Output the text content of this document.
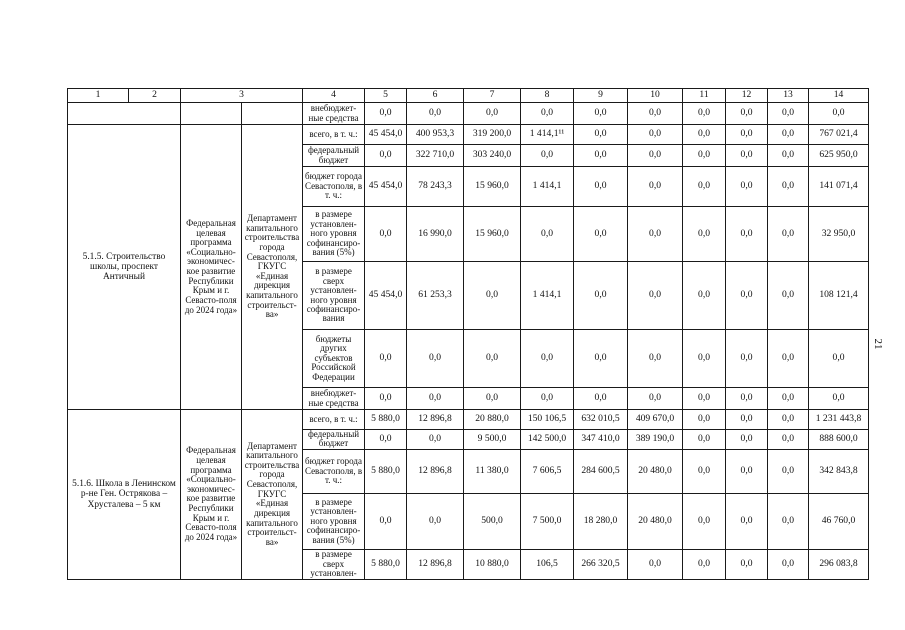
1	2	3		4	5	6	7	8	9	10	11	12	13	14
				внебюджет-ные средства	0,0	0,0	0,0	0,0	0,0	0,0	0,0	0,0	0,0	0,0
5.1.5. Строительство школы, проспект Античный		Федеральная целевая программа «Социально-экономичес-кое развитие Республики Крым и г. Севасто-поля до 2024 года»	Департамент капитального строительства города Севастополя, ГКУГС «Единая дирекция капитального строительст-ва»	всего, в т. ч.:	45 454,0	400 953,3	319 200,0	1 414,1¹¹	0,0	0,0	0,0	0,0	0,0	767 021,4
				федеральный бюджет	0,0	322 710,0	303 240,0	0,0	0,0	0,0	0,0	0,0	0,0	625 950,0
				бюджет города Севастополя, в т. ч.:	45 454,0	78 243,3	15 960,0	1 414,1	0,0	0,0	0,0	0,0	0,0	141 071,4
				в размере установлен-ного уровня софинансиро-вания (5%)	0,0	16 990,0	15 960,0	0,0	0,0	0,0	0,0	0,0	0,0	32 950,0
				в размере сверх установлен-ного уровня софинансиро-вания	45 454,0	61 253,3	0,0	1 414,1	0,0	0,0	0,0	0,0	0,0	108 121,4
				бюджеты других субъектов Российской Федерации	0,0	0,0	0,0	0,0	0,0	0,0	0,0	0,0	0,0	0,0
				внебюджет-ные средства	0,0	0,0	0,0	0,0	0,0	0,0	0,0	0,0	0,0	0,0
5.1.6. Школа в Ленинском р-не Ген. Острякова – Хрусталева – 5 км		Федеральная целевая программа «Социально-экономичес-кое развитие Республики Крым и г. Севасто-поля до 2024 года»	Департамент капитального строительства города Севастополя, ГКУГС «Единая дирекция капитального строительст-ва»	всего, в т. ч.:	5 880,0	12 896,8	20 880,0	150 106,5	632 010,5	409 670,0	0,0	0,0	0,0	1 231 443,8
				федеральный бюджет	0,0	0,0	9 500,0	142 500,0	347 410,0	389 190,0	0,0	0,0	0,0	888 600,0
				бюджет города Севастополя, в т. ч.:	5 880,0	12 896,8	11 380,0	7 606,5	284 600,5	20 480,0	0,0	0,0	0,0	342 843,8
				в размере установлен-ного уровня софинансиро-вания (5%)	0,0	0,0	500,0	7 500,0	18 280,0	20 480,0	0,0	0,0	0,0	46 760,0
				в размере сверх установлен-	5 880,0	12 896,8	10 880,0	106,5	266 320,5	0,0	0,0	0,0	0,0	296 083,8
21
